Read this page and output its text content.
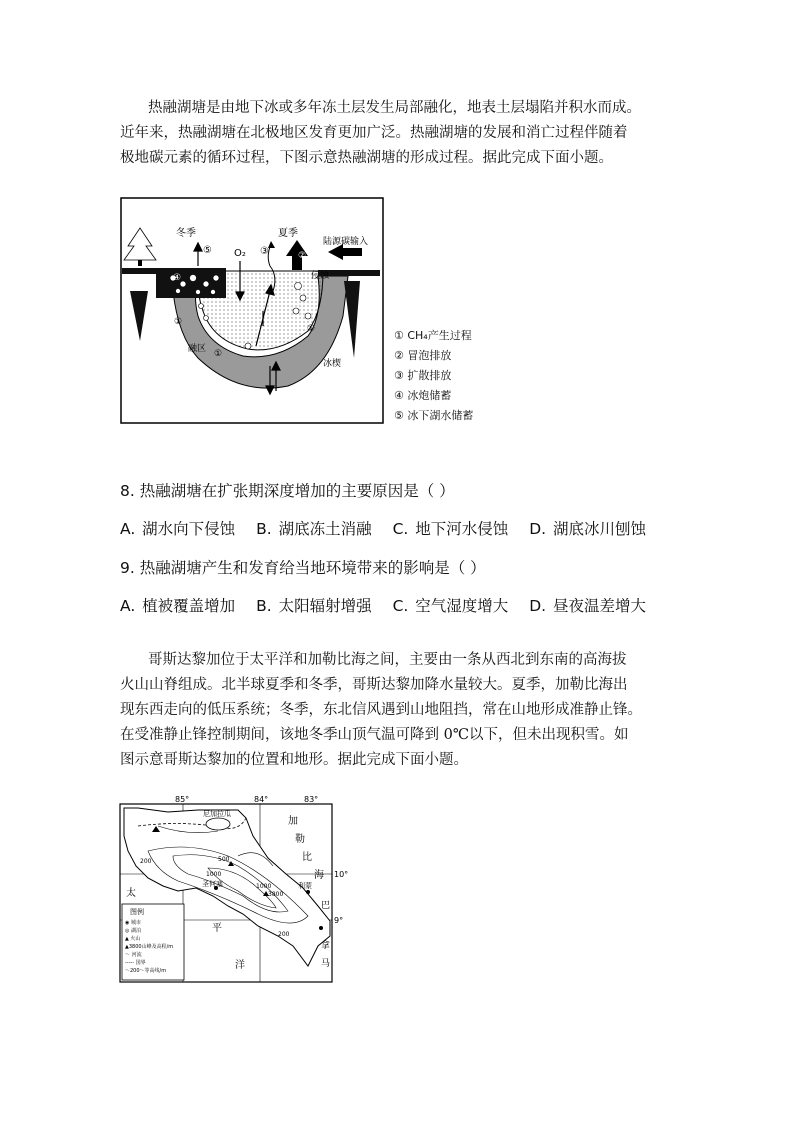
热融湖塘是由地下冰或多年冻土层发生局部融化，地表土层塌陷并积水而成。

近年来，热融湖塘在北极地区发育更加广泛。热融湖塘的发展和消亡过程伴随着

极地碳元素的循环过程，下图示意热融湖塘的形成过程。据此完成下面小题。

冬季	夏季
O₂
陆源碳输入
侵蚀
融区
冰楔
⑤	③	②
④
①
①
①	① CH₄产生过程
② 冒泡排放
③ 扩散排放
④ 冰炮储蓄
⑤ 冰下湖水储蓄
8. 热融湖塘在扩张期深度增加的主要原因是（ ）
A. 湖水向下侵蚀 B. 湖底冻土消融 C. 地下河水侵蚀 D. 湖底冰川刨蚀
9. 热融湖塘产生和发育给当地环境带来的影响是（ ）
A. 植被覆盖增加 B. 太阳辐射增强 C. 空气湿度增大 D. 昼夜温差增大

哥斯达黎加位于太平洋和加勒比海之间，主要由一条从西北到东南的高海拔

火山山脊组成。北半球夏季和冬季，哥斯达黎加降水量较大。夏季，加勒比海出

现东西走向的低压系统；冬季，东北信风遇到山地阻挡，常在山地形成准静止锋。

在受准静止锋控制期间，该地冬季山顶气温可降到 0℃以下，但未出现积雪。如

图示意哥斯达黎加的位置和地形。据此完成下面小题。

85°	84°	83°
10°
9°
尼加拉瓜
加
勒
比
海
太
平
洋
巴
拿
马
圣何塞	利蒙
3800
200	500
1000
1000
200
图例
◉ 城市
◎ 湖泊
▲ 火山
▲3800山峰及高程/m
～ 河流
----- 国界
～200～等高线/m
